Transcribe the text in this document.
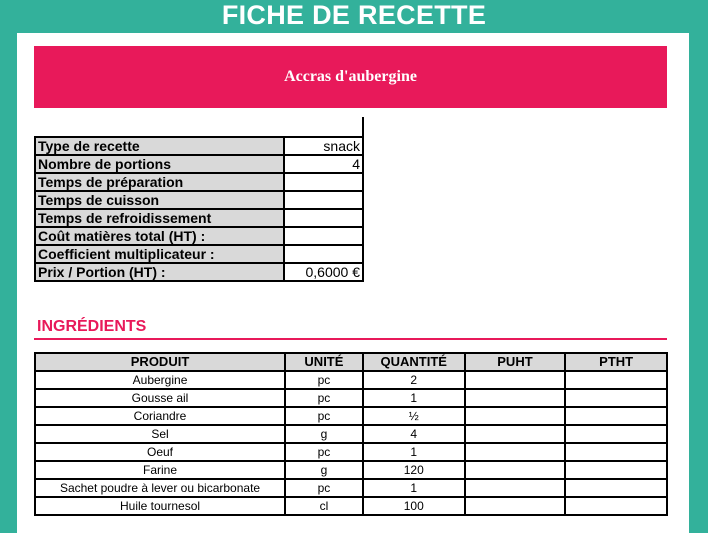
FICHE DE RECETTE
Accras d'aubergine
Type de recette	snack
Nombre de portions	4
Temps de préparation	
Temps de cuisson	
Temps de refroidissement	
Coût matières total (HT) :	
Coefficient multiplicateur :	
Prix / Portion (HT) :	0,6000 €
INGRÉDIENTS
PRODUIT	UNITÉ	QUANTITÉ	PUHT	PTHT
Aubergine	pc	2		
Gousse ail	pc	1		
Coriandre	pc	½		
Sel	g	4		
Oeuf	pc	1		
Farine	g	120		
Sachet poudre à lever ou bicarbonate	pc	1		
Huile tournesol	cl	100		
